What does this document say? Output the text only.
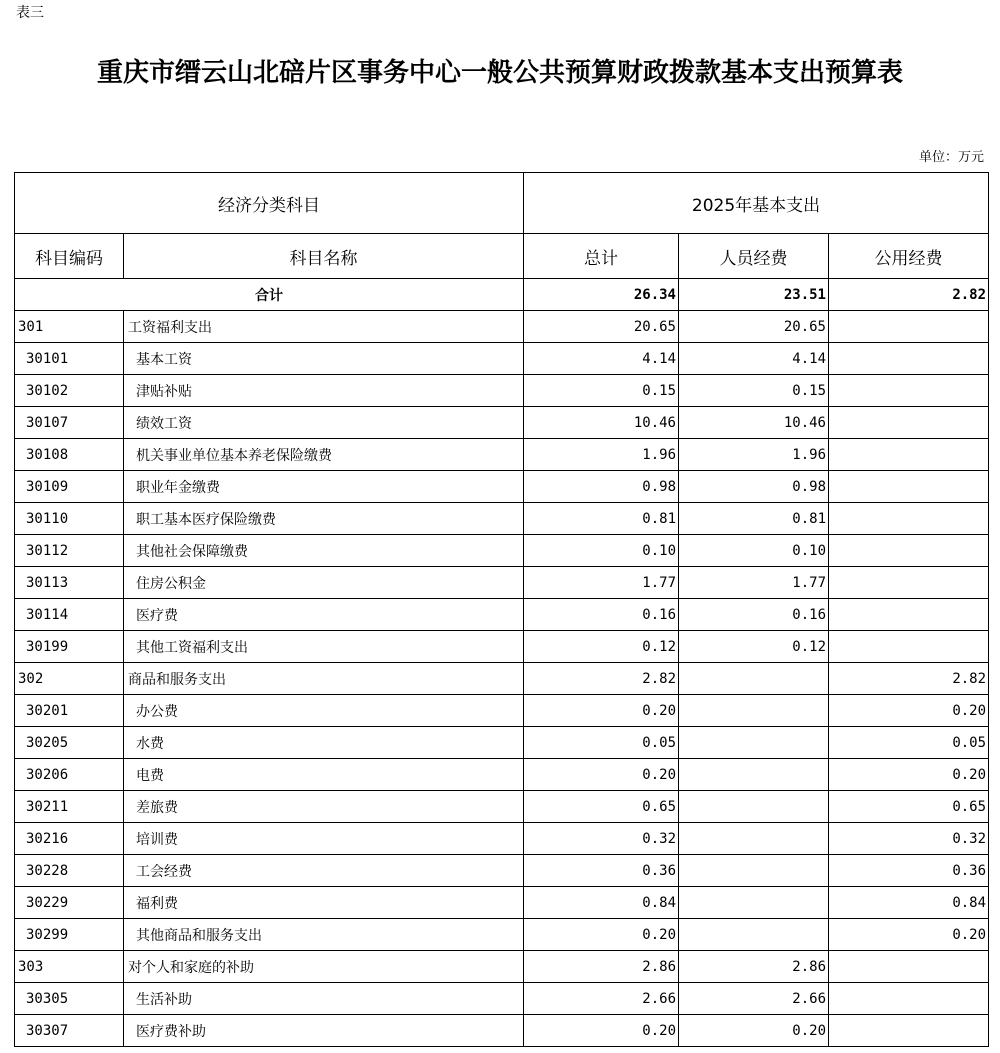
表三
重庆市缙云山北碚片区事务中心一般公共预算财政拨款基本支出预算表
单位：万元
经济分类科目		2025年基本支出		
科目编码	科目名称	总计	人员经费	公用经费
合计		26.34	23.51	2.82
301	工资福利支出	20.65	20.65	
30101	基本工资	4.14	4.14	
30102	津贴补贴	0.15	0.15	
30107	绩效工资	10.46	10.46	
30108	机关事业单位基本养老保险缴费	1.96	1.96	
30109	职业年金缴费	0.98	0.98	
30110	职工基本医疗保险缴费	0.81	0.81	
30112	其他社会保障缴费	0.10	0.10	
30113	住房公积金	1.77	1.77	
30114	医疗费	0.16	0.16	
30199	其他工资福利支出	0.12	0.12	
302	商品和服务支出	2.82		2.82
30201	办公费	0.20		0.20
30205	水费	0.05		0.05
30206	电费	0.20		0.20
30211	差旅费	0.65		0.65
30216	培训费	0.32		0.32
30228	工会经费	0.36		0.36
30229	福利费	0.84		0.84
30299	其他商品和服务支出	0.20		0.20
303	对个人和家庭的补助	2.86	2.86	
30305	生活补助	2.66	2.66	
30307	医疗费补助	0.20	0.20	
